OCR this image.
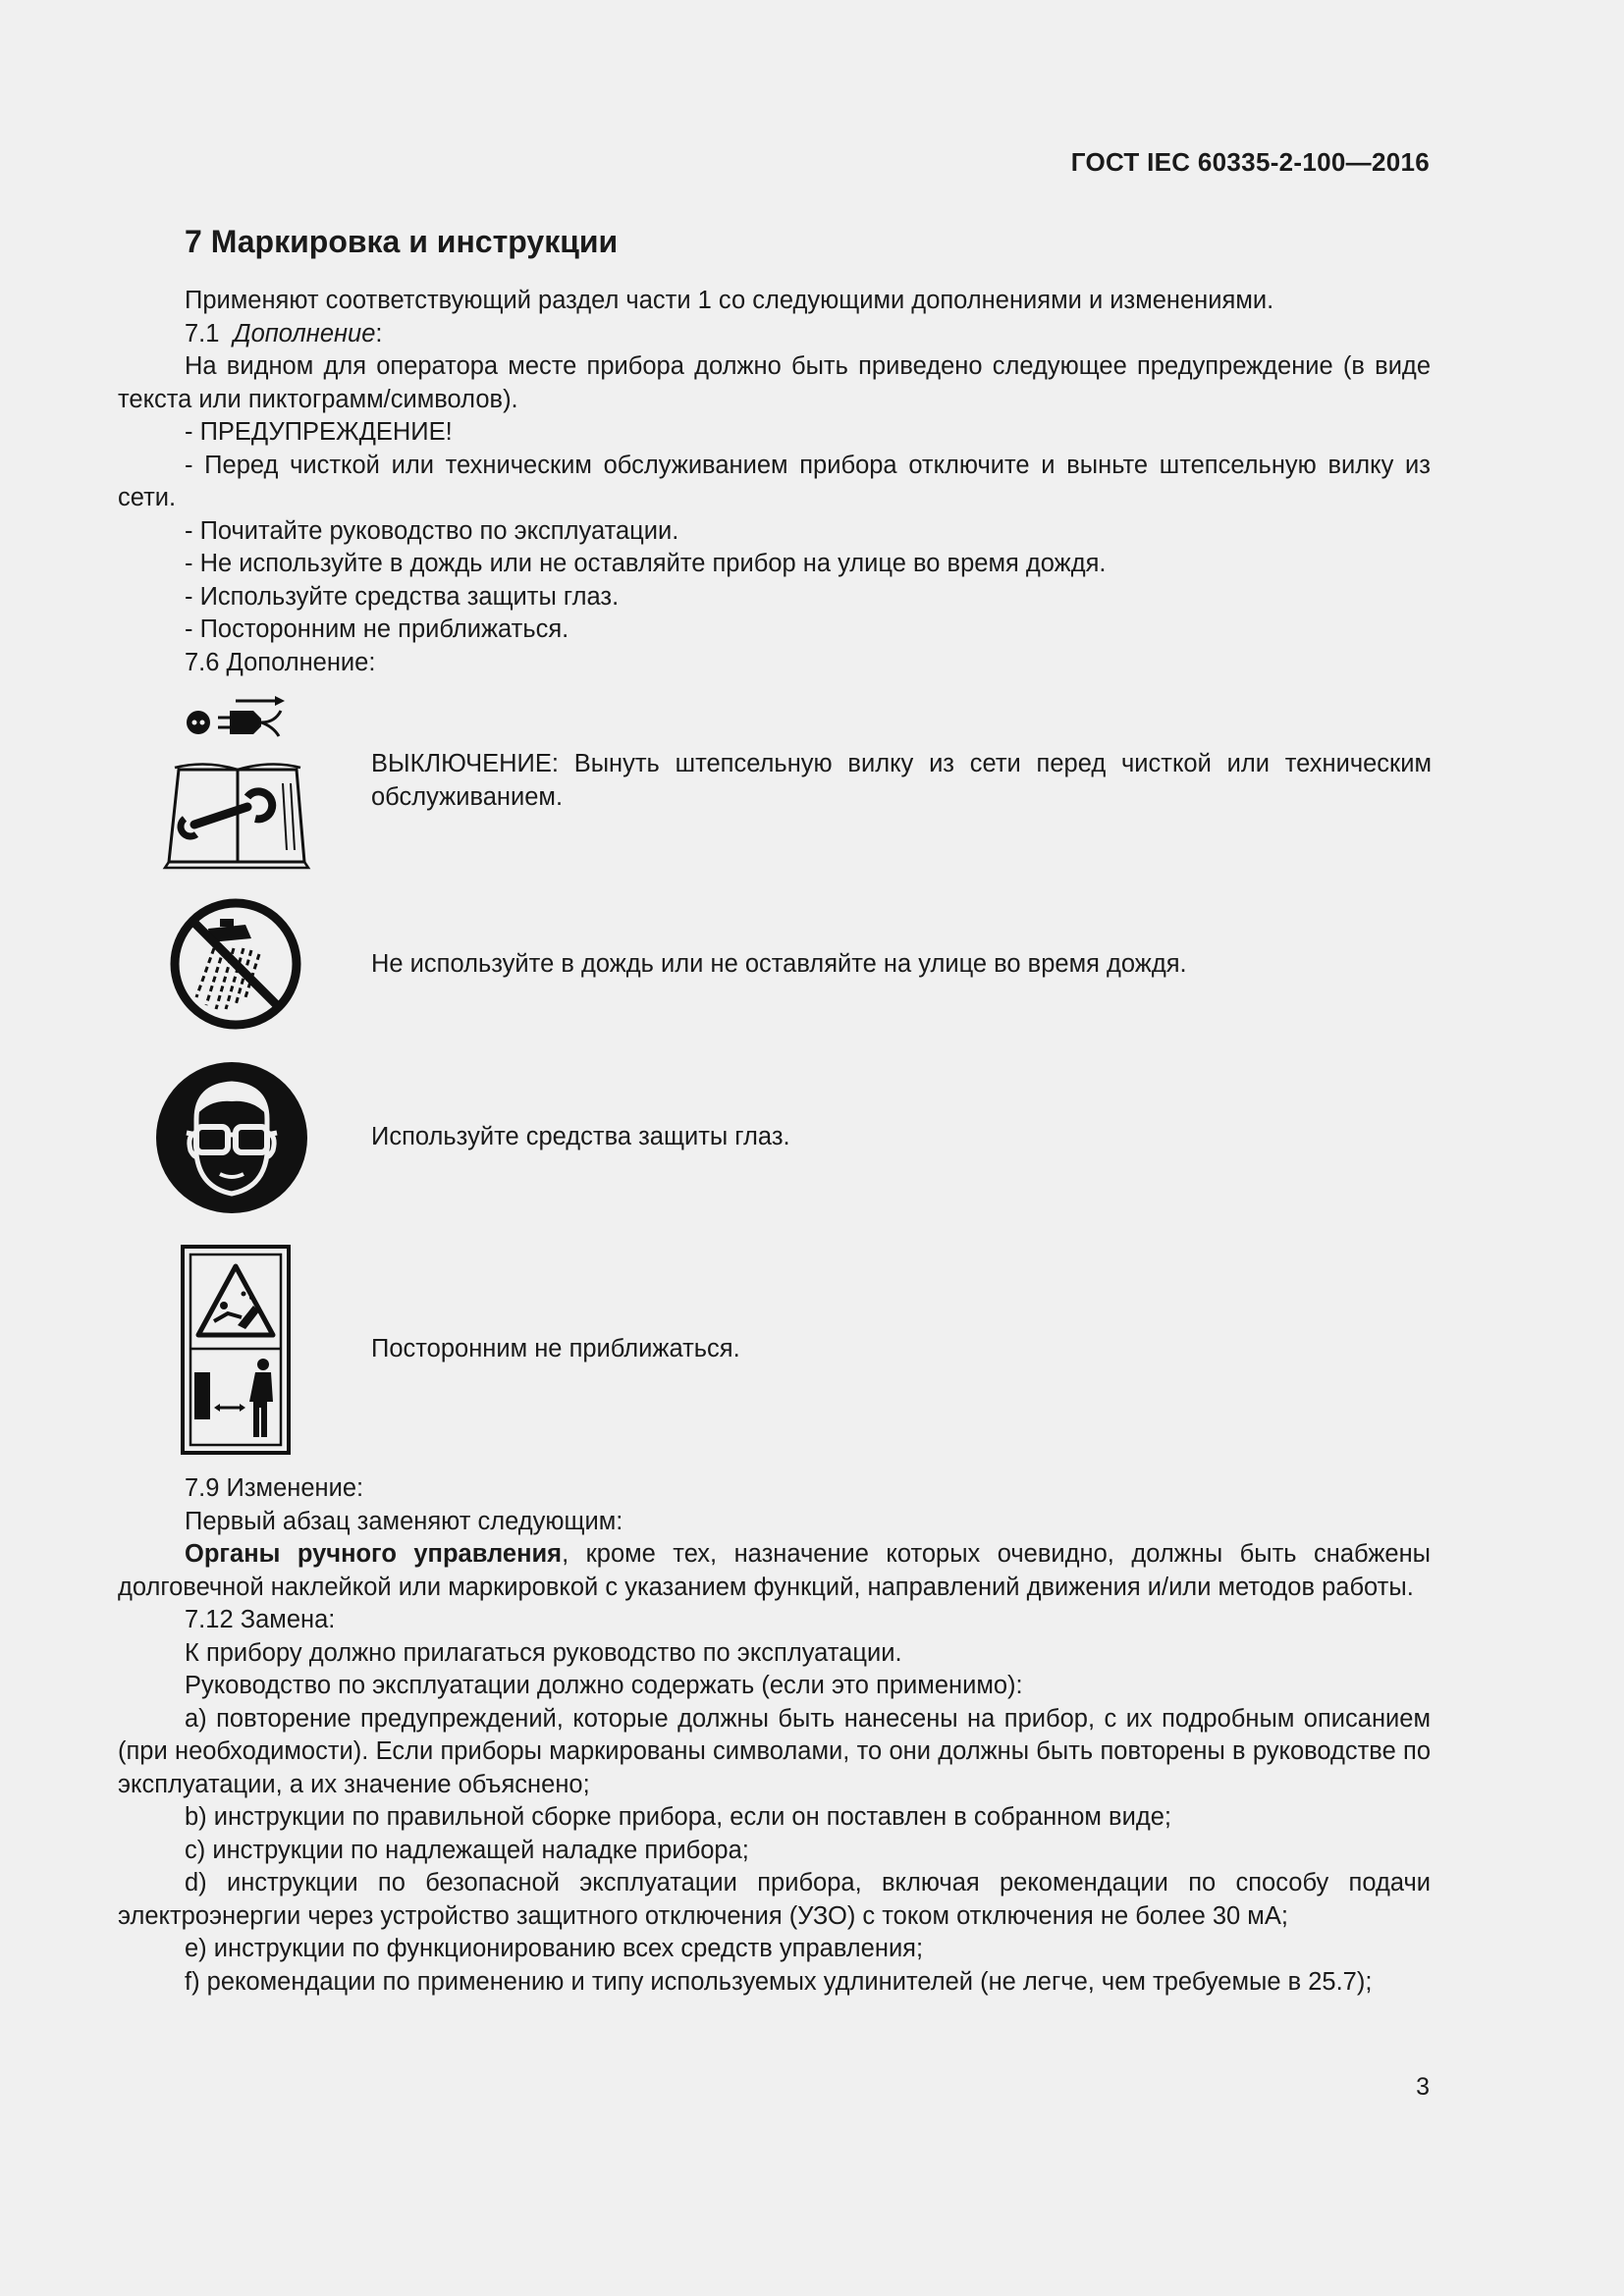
ГОСТ IEC 60335-2-100—2016
7 Маркировка и инструкции

Применяют соответствующий раздел части 1 со следующими дополнениями и изменениями.

7.1 Дополнение:

На видном для оператора месте прибора должно быть приведено следующее предупреждение (в виде текста или пиктограмм/символов).

- ПРЕДУПРЕЖДЕНИЕ!

- Перед чисткой или техническим обслуживанием прибора отключите и выньте штепсельную вилку из сети.

- Почитайте руководство по эксплуатации.

- Не используйте в дождь или не оставляйте прибор на улице во время дождя.

- Используйте средства защиты глаз.

- Посторонним не приближаться.

7.6 Дополнение:

ВЫКЛЮЧЕНИЕ: Вынуть штепсельную вилку из сети перед чисткой или техническим обслуживанием.
Не используйте в дождь или не оставляйте на улице во время дождя.
Используйте средства защиты глаз.
Посторонним не приближаться.

7.9 Изменение:

Первый абзац заменяют следующим:

Органы ручного управления, кроме тех, назначение которых очевидно, должны быть снабжены долговечной наклейкой или маркировкой с указанием функций, направлений движения и/или методов работы.

7.12 Замена:

К прибору должно прилагаться руководство по эксплуатации.

Руководство по эксплуатации должно содержать (если это применимо):

a) повторение предупреждений, которые должны быть нанесены на прибор, с их подробным описанием (при необходимости). Если приборы маркированы символами, то они должны быть повторены в руководстве по эксплуатации, а их значение объяснено;

b) инструкции по правильной сборке прибора, если он поставлен в собранном виде;

c) инструкции по надлежащей наладке прибора;

d) инструкции по безопасной эксплуатации прибора, включая рекомендации по способу подачи электроэнергии через устройство защитного отключения (УЗО) с током отключения не более 30 мА;

e) инструкции по функционированию всех средств управления;

f) рекомендации по применению и типу используемых удлинителей (не легче, чем требуемые в 25.7);

3
